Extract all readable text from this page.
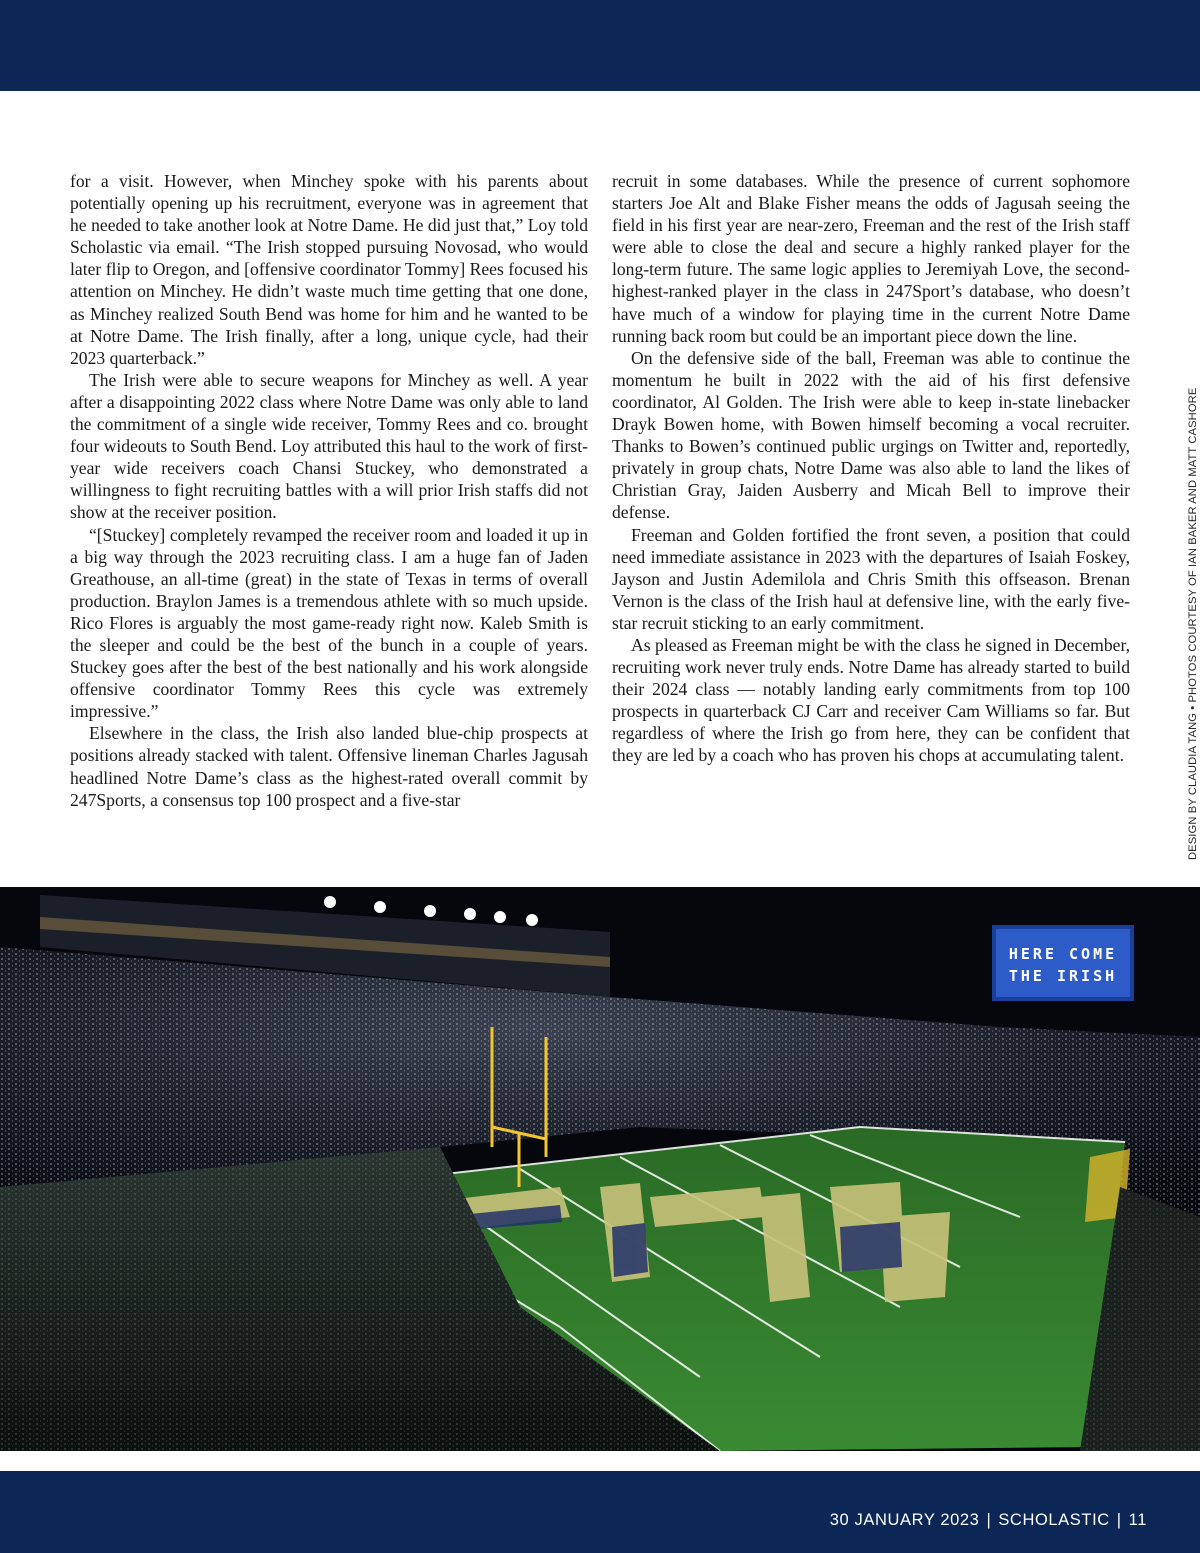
for a visit. However, when Minchey spoke with his parents about potentially opening up his recruitment, everyone was in agreement that he needed to take another look at Notre Dame. He did just that,” Loy told Scholastic via email. “The Irish stopped pursuing Novosad, who would later flip to Oregon, and [offensive coordinator Tommy] Rees focused his attention on Minchey. He didn’t waste much time getting that one done, as Minchey realized South Bend was home for him and he wanted to be at Notre Dame. The Irish finally, after a long, unique cycle, had their 2023 quarterback.”

The Irish were able to secure weapons for Minchey as well. A year after a disappointing 2022 class where Notre Dame was only able to land the commitment of a single wide receiver, Tommy Rees and co. brought four wideouts to South Bend. Loy attributed this haul to the work of first-year wide receivers coach Chansi Stuckey, who demonstrated a willingness to fight recruiting battles with a will prior Irish staffs did not show at the receiver position.

“[Stuckey] completely revamped the receiver room and loaded it up in a big way through the 2023 recruiting class. I am a huge fan of Jaden Greathouse, an all-time (great) in the state of Texas in terms of overall production. Braylon James is a tremendous athlete with so much upside. Rico Flores is arguably the most game-ready right now. Kaleb Smith is the sleeper and could be the best of the bunch in a couple of years. Stuckey goes after the best of the best nationally and his work alongside offensive coordinator Tommy Rees this cycle was extremely impressive.”

Elsewhere in the class, the Irish also landed blue-chip prospects at positions already stacked with talent. Offensive lineman Charles Jagusah headlined Notre Dame’s class as the highest-rated overall commit by 247Sports, a consensus top 100 prospect and a five-star

recruit in some databases. While the presence of current sophomore starters Joe Alt and Blake Fisher means the odds of Jagusah seeing the field in his first year are near-zero, Freeman and the rest of the Irish staff were able to close the deal and secure a highly ranked player for the long-term future. The same logic applies to Jeremiyah Love, the second-highest-ranked player in the class in 247Sport’s database, who doesn’t have much of a window for playing time in the current Notre Dame running back room but could be an important piece down the line.

On the defensive side of the ball, Freeman was able to continue the momentum he built in 2022 with the aid of his first defensive coordinator, Al Golden. The Irish were able to keep in-state linebacker Drayk Bowen home, with Bowen himself becoming a vocal recruiter. Thanks to Bowen’s continued public urgings on Twitter and, reportedly, privately in group chats, Notre Dame was also able to land the likes of Christian Gray, Jaiden Ausberry and Micah Bell to improve their defense.

Freeman and Golden fortified the front seven, a position that could need immediate assistance in 2023 with the departures of Isaiah Foskey, Jayson and Justin Ademilola and Chris Smith this offseason. Brenan Vernon is the class of the Irish haul at defensive line, with the early five-star recruit sticking to an early commitment.

As pleased as Freeman might be with the class he signed in December, recruiting work never truly ends. Notre Dame has already started to build their 2024 class — notably landing early commitments from top 100 prospects in quarterback CJ Carr and receiver Cam Williams so far. But regardless of where the Irish go from here, they can be confident that they are led by a coach who has proven his chops at accumulating talent.	DESIGN BY CLAUDIA TANG • PHOTOS COURTESY OF IAN BAKER AND MATT CASHORE
HERE COME
THE IRISH
30 JANUARY 2023 | SCHOLASTIC | 11
